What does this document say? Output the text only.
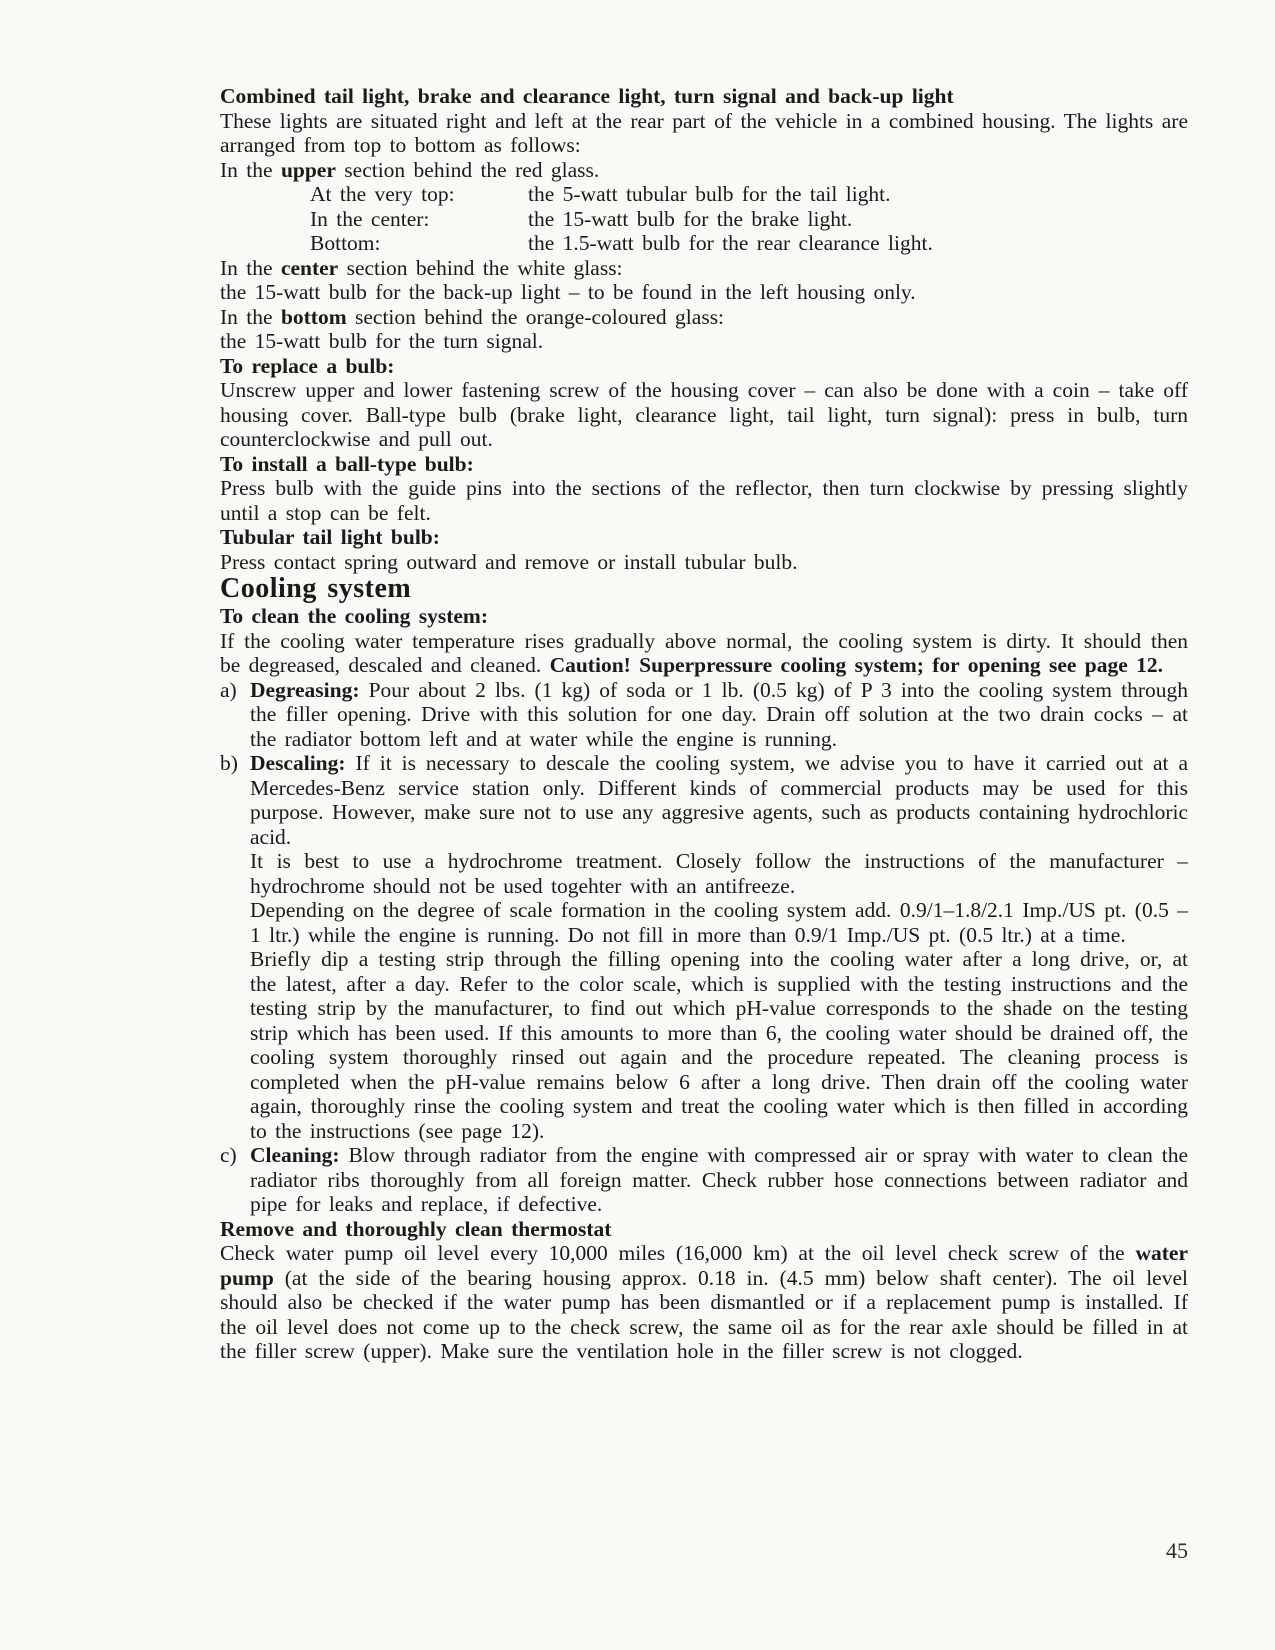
Combined tail light, brake and clearance light, turn signal and back-up light

These lights are situated right and left at the rear part of the vehicle in a combined housing. The lights are arranged from top to bottom as follows:

In the upper section behind the red glass.

At the very top:	the 5-watt tubular bulb for the tail light.
In the center:	the 15-watt bulb for the brake light.
Bottom:	the 1.5-watt bulb for the rear clearance light.

In the center section behind the white glass:

the 15-watt bulb for the back-up light – to be found in the left housing only.

In the bottom section behind the orange-coloured glass:

the 15-watt bulb for the turn signal.

To replace a bulb:

Unscrew upper and lower fastening screw of the housing cover – can also be done with a coin – take off housing cover. Ball-type bulb (brake light, clearance light, tail light, turn signal): press in bulb, turn counterclockwise and pull out.

To install a ball-type bulb:

Press bulb with the guide pins into the sections of the reflector, then turn clockwise by pressing slightly until a stop can be felt.

Tubular tail light bulb:

Press contact spring outward and remove or install tubular bulb.

Cooling system

To clean the cooling system:

If the cooling water temperature rises gradually above normal, the cooling system is dirty. It should then be degreased, descaled and cleaned. Caution! Superpressure cooling system; for opening see page 12.

a) Degreasing: Pour about 2 lbs. (1 kg) of soda or 1 lb. (0.5 kg) of P 3 into the cooling system through the filler opening. Drive with this solution for one day. Drain off solution at the two drain cocks – at the radiator bottom left and at water while the engine is running.

b) Descaling: If it is necessary to descale the cooling system, we advise you to have it carried out at a Mercedes-Benz service station only. Different kinds of commercial products may be used for this purpose. However, make sure not to use any aggresive agents, such as products containing hydrochloric acid.

It is best to use a hydrochrome treatment. Closely follow the instructions of the manufacturer – hydrochrome should not be used togehter with an antifreeze.

Depending on the degree of scale formation in the cooling system add. 0.9/1–1.8/2.1 Imp./US pt. (0.5 –1 ltr.) while the engine is running. Do not fill in more than 0.9/1 Imp./US pt. (0.5 ltr.) at a time.

Briefly dip a testing strip through the filling opening into the cooling water after a long drive, or, at the latest, after a day. Refer to the color scale, which is supplied with the testing instructions and the testing strip by the manufacturer, to find out which pH-value corresponds to the shade on the testing strip which has been used. If this amounts to more than 6, the cooling water should be drained off, the cooling system thoroughly rinsed out again and the procedure repeated. The cleaning process is completed when the pH-value remains below 6 after a long drive. Then drain off the cooling water again, thoroughly rinse the cooling system and treat the cooling water which is then filled in according to the instructions (see page 12).

c) Cleaning: Blow through radiator from the engine with compressed air or spray with water to clean the radiator ribs thoroughly from all foreign matter. Check rubber hose connections between radiator and pipe for leaks and replace, if defective.

Remove and thoroughly clean thermostat

Check water pump oil level every 10,000 miles (16,000 km) at the oil level check screw of the water pump (at the side of the bearing housing approx. 0.18 in. (4.5 mm) below shaft center). The oil level should also be checked if the water pump has been dismantled or if a replacement pump is installed. If the oil level does not come up to the check screw, the same oil as for the rear axle should be filled in at the filler screw (upper). Make sure the ventilation hole in the filler screw is not clogged.

45
